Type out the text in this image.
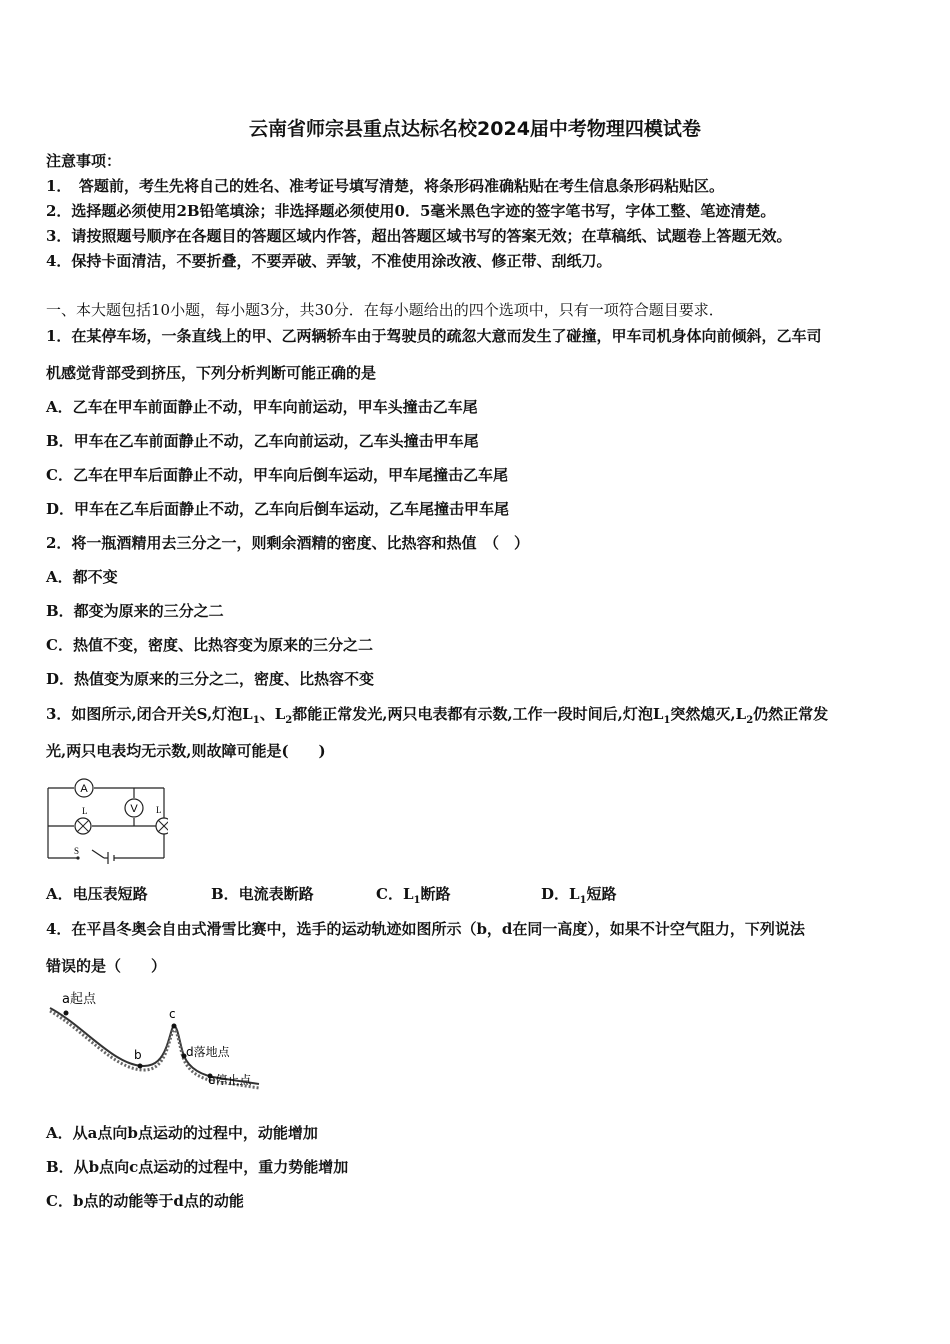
云南省师宗县重点达标名校2024届中考物理四模试卷
注意事项：
1．　答题前，考生先将自己的姓名、准考证号填写清楚，将条形码准确粘贴在考生信息条形码粘贴区。
2．选择题必须使用2B铅笔填涂；非选择题必须使用0．5毫米黑色字迹的签字笔书写，字体工整、笔迹清楚。
3．请按照题号顺序在各题目的答题区域内作答，超出答题区域书写的答案无效；在草稿纸、试题卷上答题无效。
4．保持卡面清洁，不要折叠，不要弄破、弄皱，不准使用涂改液、修正带、刮纸刀。
一、本大题包括10小题，每小题3分，共30分．在每小题给出的四个选项中，只有一项符合题目要求．
1．在某停车场，一条直线上的甲、乙两辆轿车由于驾驶员的疏忽大意而发生了碰撞，甲车司机身体向前倾斜，乙车司
机感觉背部受到挤压，下列分析判断可能正确的是
A．乙车在甲车前面静止不动，甲车向前运动，甲车头撞击乙车尾
B．甲车在乙车前面静止不动，乙车向前运动，乙车头撞击甲车尾
C．乙车在甲车后面静止不动，甲车向后倒车运动，甲车尾撞击乙车尾
D．甲车在乙车后面静止不动，乙车向后倒车运动，乙车尾撞击甲车尾
2．将一瓶酒精用去三分之一，则剩余酒精的密度、比热容和热值　（　）
A．都不变
B．都变为原来的三分之二
C．热值不变，密度、比热容变为原来的三分之二
D．热值变为原来的三分之二，密度、比热容不变
3．如图所示,闭合开关S,灯泡$L_1$、$L_2$都能正常发光,两只电表都有示数,工作一段时间后,灯泡$L_1$突然熄灭$,L_2$仍然正常发
光,两只电表均无示数,则故障可能是(　　)
A
V
L	L
S
A．电压表短路	B．电流表断路	C．$L_1$断路	D．$L_1$短路
4．在平昌冬奥会自由式滑雪比赛中，选手的运动轨迹如图所示（b，d在同一高度），如果不计空气阻力，下列说法
错误的是（　　）
a起点
b
c
d落地点
e停止点
A．从a点向b点运动的过程中，动能增加
B．从b点向c点运动的过程中，重力势能增加
C．b点的动能等于d点的动能
